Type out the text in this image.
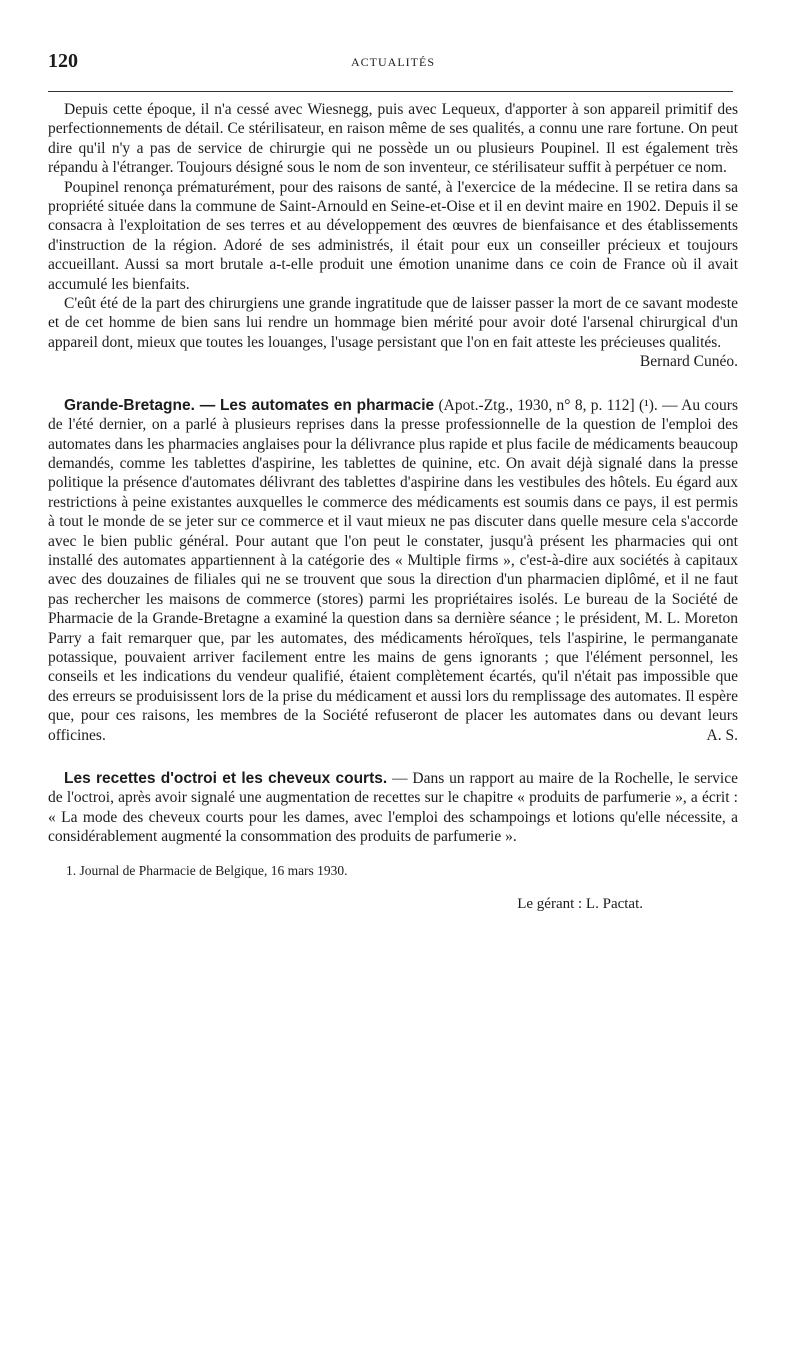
120	ACTUALITÉS

Depuis cette époque, il n'a cessé avec Wiesnegg, puis avec Lequeux, d'apporter à son appareil primitif des perfectionnements de détail. Ce stérilisateur, en raison même de ses qualités, a connu une rare fortune. On peut dire qu'il n'y a pas de service de chirurgie qui ne possède un ou plusieurs Poupinel. Il est également très répandu à l'étranger. Toujours désigné sous le nom de son inventeur, ce stérilisateur suffit à perpétuer ce nom.

Poupinel renonça prématurément, pour des raisons de santé, à l'exercice de la médecine. Il se retira dans sa propriété située dans la commune de Saint-Arnould en Seine-et-Oise et il en devint maire en 1902. Depuis il se consacra à l'exploitation de ses terres et au développement des œuvres de bienfaisance et des établissements d'instruction de la région. Adoré de ses administrés, il était pour eux un conseiller précieux et toujours accueillant. Aussi sa mort brutale a-t-elle produit une émotion unanime dans ce coin de France où il avait accumulé les bienfaits.

C'eût été de la part des chirurgiens une grande ingratitude que de laisser passer la mort de ce savant modeste et de cet homme de bien sans lui rendre un hommage bien mérité pour avoir doté l'arsenal chirurgical d'un appareil dont, mieux que toutes les louanges, l'usage persistant que l'on en fait atteste les précieuses qualités.
Bernard Cunéo.

Grande-Bretagne. — Les automates en pharmacie (Apot.-Ztg., 1930, n° 8, p. 112] (¹). — Au cours de l'été dernier, on a parlé à plusieurs reprises dans la presse professionnelle de la question de l'emploi des automates dans les pharmacies anglaises pour la délivrance plus rapide et plus facile de médicaments beaucoup demandés, comme les tablettes d'aspirine, les tablettes de quinine, etc. On avait déjà signalé dans la presse politique la présence d'automates délivrant des tablettes d'aspirine dans les vestibules des hôtels. Eu égard aux restrictions à peine existantes auxquelles le commerce des médicaments est soumis dans ce pays, il est permis à tout le monde de se jeter sur ce commerce et il vaut mieux ne pas discuter dans quelle mesure cela s'accorde avec le bien public général. Pour autant que l'on peut le constater, jusqu'à présent les pharmacies qui ont installé des automates appartiennent à la catégorie des « Multiple firms », c'est-à-dire aux sociétés à capitaux avec des douzaines de filiales qui ne se trouvent que sous la direction d'un pharmacien diplômé, et il ne faut pas rechercher les maisons de commerce (stores) parmi les propriétaires isolés. Le bureau de la Société de Pharmacie de la Grande-Bretagne a examiné la question dans sa dernière séance ; le président, M. L. Moreton Parry a fait remarquer que, par les automates, des médicaments héroïques, tels l'aspirine, le permanganate potassique, pouvaient arriver facilement entre les mains de gens ignorants ; que l'élément personnel, les conseils et les indications du vendeur qualifié, étaient complètement écartés, qu'il n'était pas impossible que des erreurs se produisissent lors de la prise du médicament et aussi lors du remplissage des automates. Il espère que, pour ces raisons, les membres de la Société refuseront de placer les automates dans ou devant leurs officines.	A. S.

Les recettes d'octroi et les cheveux courts. — Dans un rapport au maire de la Rochelle, le service de l'octroi, après avoir signalé une augmentation de recettes sur le chapitre « produits de parfumerie », a écrit : « La mode des cheveux courts pour les dames, avec l'emploi des schampoings et lotions qu'elle nécessite, a considérablement augmenté la consommation des produits de parfumerie ».

1. Journal de Pharmacie de Belgique, 16 mars 1930.
Le gérant : L. Pactat.
